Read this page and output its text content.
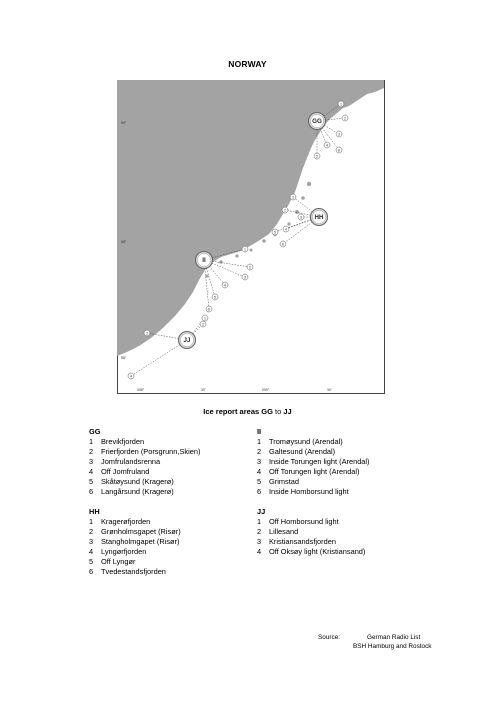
NORWAY
1
2
3
4
5
6
1
2
3
4
5
6
1
2
3
4
5
6
1
2
3
4
GG
HH
II
JJ
59°
58°
58°
008°	30'	009°	30'
Ice report areas GG to JJ
GG
1 Brevikfjorden
2 Frierfjorden (Porsgrunn,Skien)
3 Jomfrulandsrenna
4 Off Jomfruland
5 Skåtøysund (Kragerø)
6 Langårsund (Kragerø)
HH
1 Kragerøfjorden
2 Grønholmsgapet (Risør)
3 Stangholmgapet (Risør)
4 Lyngørfjorden
5 Off Lyngør
6 Tvedestandsfjorden
II
1 Tromøysund (Arendal)
2 Galtesund (Arendal)
3 Inside Torungen light (Arendal)
4 Off Torungen light (Arendal)
5 Grimstad
6 Inside Homborsund light
JJ
1 Off Homborsund light
2 Lillesand
3 Kristiansandsfjorden
4 Off Oksøy light (Kristiansand)
Source:	German Radio List
BSH Hamburg and Rostock
